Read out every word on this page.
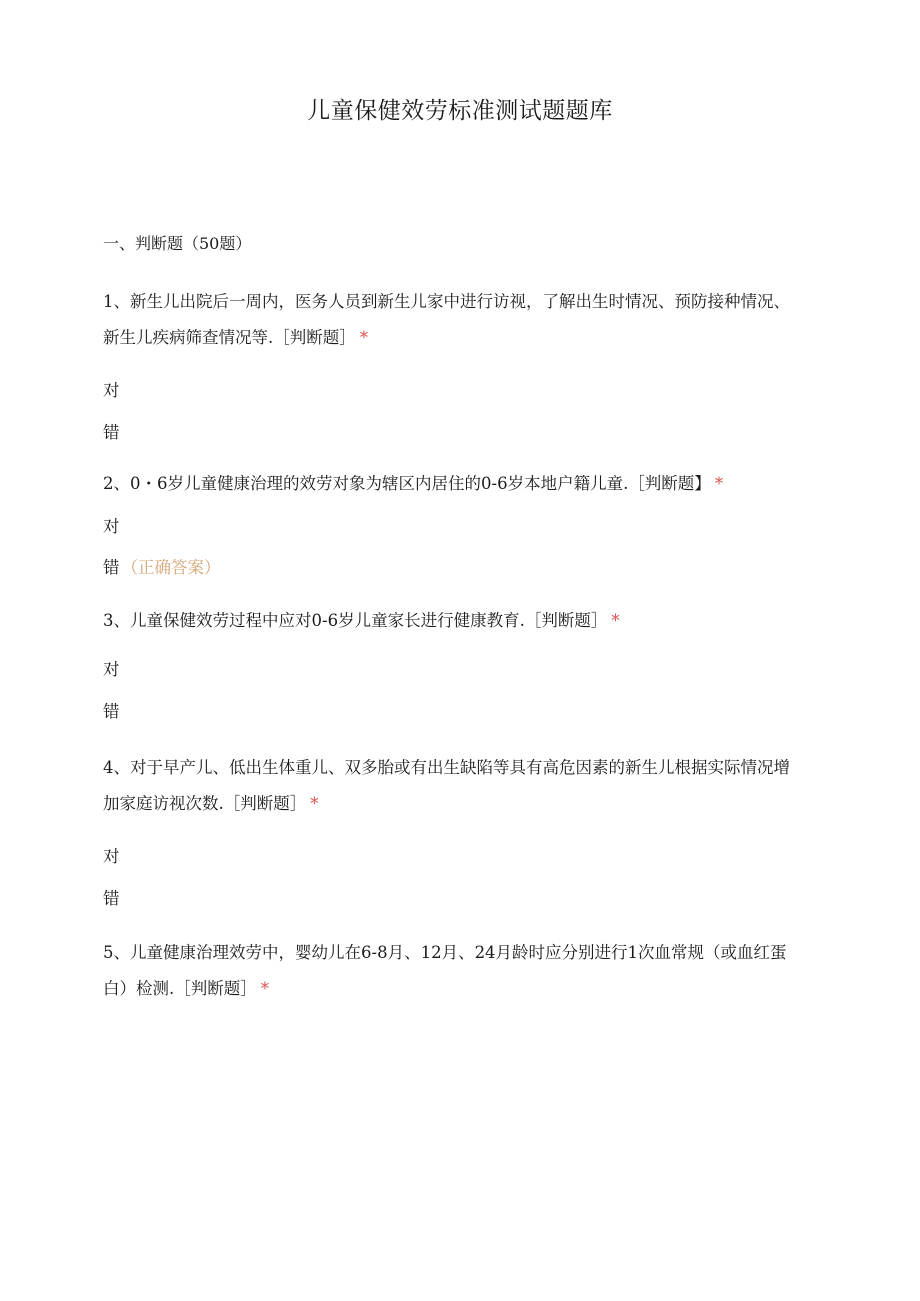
儿童保健效劳标准测试题题库
一、判断题（50题）

1、新生儿出院后一周内，医务人员到新生儿家中进行访视，了解出生时情况、预防接种情况、新生儿疾病筛查情况等.［判断题］ *

对
错

2、0・6岁儿童健康治理的效劳对象为辖区内居住的0-6岁本地户籍儿童.［判断题】 *

对
错 （正确答案）

3、儿童保健效劳过程中应对0-6岁儿童家长进行健康教育.［判断题］ *

对
错

4、对于早产儿、低出生体重儿、双多胎或有出生缺陷等具有高危因素的新生儿根据实际情况增加家庭访视次数.［判断题］ *

对
错

5、儿童健康治理效劳中，婴幼儿在6-8月、12月、24月龄时应分别进行1次血常规（或血红蛋白）检测.［判断题］ *
